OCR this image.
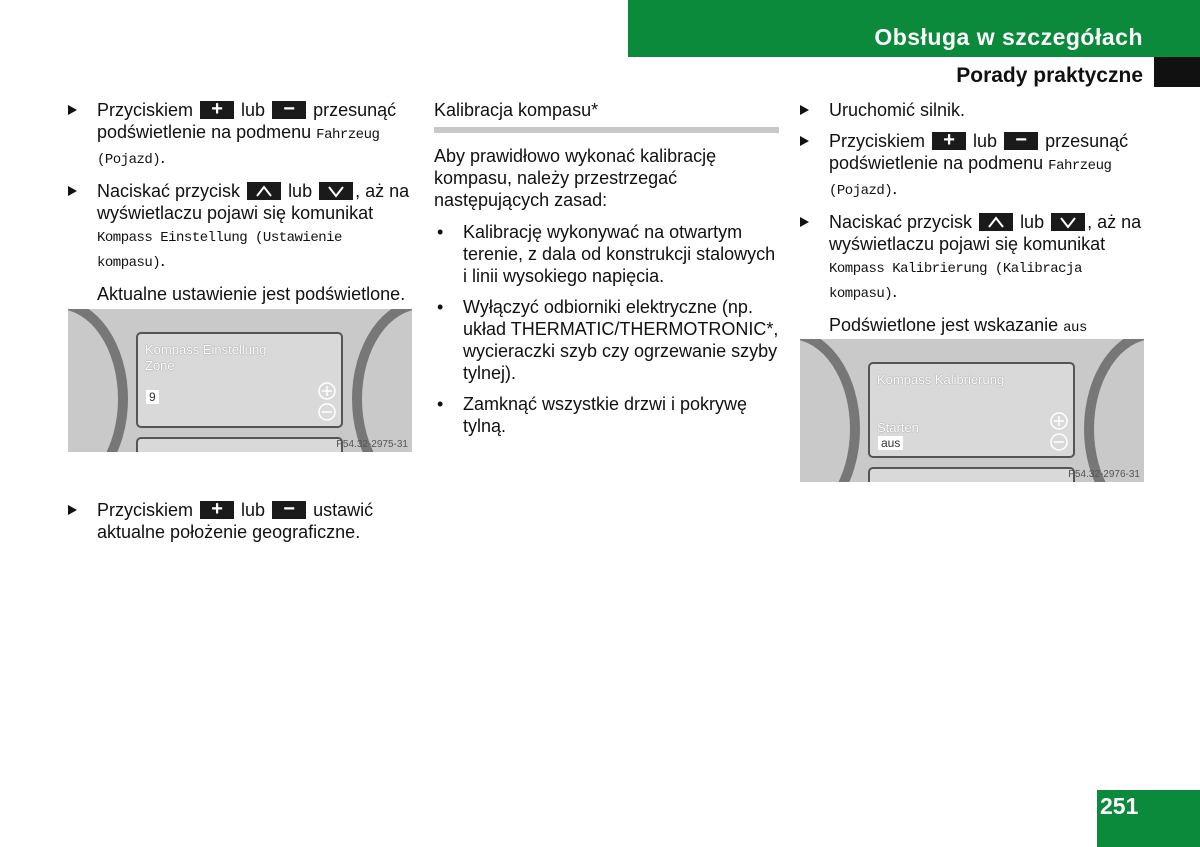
Obsługa w szczegółach
Porady praktyczne
Przyciskiem +	lub −	przesunąć podświetlenie na podmenu Fahrzeug (Pojazd).
Naciskać przycisk	lub , aż na wyświetlaczu pojawi się komunikat Kompass Einstellung (Ustawienie kompasu).
Aktualne ustawienie jest podświetlone.
Przyciskiem +	lub −	ustawić aktualne położenie geograficzne.
Kompass Einstellung
Zone
9
P54.32-2975-31
Kalibracja kompasu*
Aby prawidłowo wykonać kalibrację kompasu, należy przestrzegać następujących zasad:
• Kalibrację wykonywać na otwartym terenie, z dala od konstrukcji stalowych i linii wysokiego napięcia.
• Wyłączyć odbiorniki elektryczne (np. układ THERMATIC/THERMOTRONIC*, wycieraczki szyb czy ogrzewanie szyby tylnej).
• Zamknąć wszystkie drzwi i pokrywę tylną.
Uruchomić silnik.
Przyciskiem +	lub −	przesunąć podświetlenie na podmenu Fahrzeug (Pojazd).
Naciskać przycisk	lub , aż na wyświetlaczu pojawi się komunikat Kompass Kalibrierung (Kalibracja kompasu).
Podświetlone jest wskazanie aus
Kompass Kalibrierung
Starten
aus
P54.32-2976-31
251
